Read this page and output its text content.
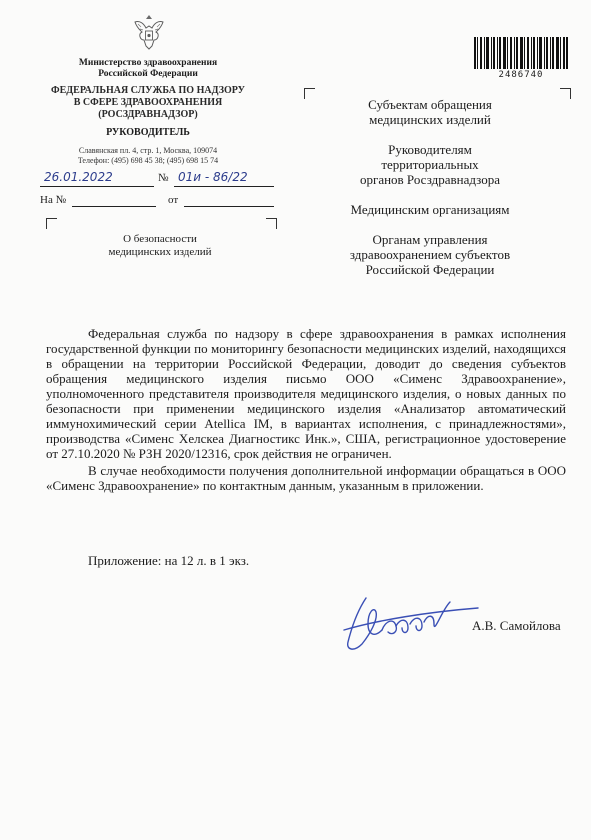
Министерство здравоохранения
Российской Федерации
ФЕДЕРАЛЬНАЯ СЛУЖБА ПО НАДЗОРУ
В СФЕРЕ ЗДРАВООХРАНЕНИЯ
(РОСЗДРАВНАДЗОР)
РУКОВОДИТЕЛЬ
Славянская пл. 4, стр. 1, Москва, 109074
Телефон: (495) 698 45 38; (495) 698 15 74
26.01.2022	№ 01и - 86/22
На №	от
О безопасности
медицинских изделий
2486740
Субъектам обращения
медицинских изделий
Руководителям
территориальных
органов Росздравнадзора
Медицинским организациям
Органам управления
здравоохранением субъектов
Российской Федерации

Федеральная служба по надзору в сфере здравоохранения в рамках исполнения государственной функции по мониторингу безопасности медицинских изделий, находящихся в обращении на территории Российской Федерации, доводит до сведения субъектов обращения медицинского изделия письмо ООО «Сименс Здравоохранение», уполномоченного представителя производителя медицинского изделия, о новых данных по безопасности при применении медицинского изделия «Анализатор автоматический иммунохимический серии Atellica IM, в вариантах исполнения, с принадлежностями», производства «Сименс Хелскеа Диагностикс Инк.», США, регистрационное удостоверение от 27.10.2020 № РЗН 2020/12316, срок действия не ограничен.

В случае необходимости получения дополнительной информации обращаться в ООО «Сименс Здравоохранение» по контактным данным, указанным в приложении.

Приложение: на 12 л. в 1 экз.
А.В. Самойлова
